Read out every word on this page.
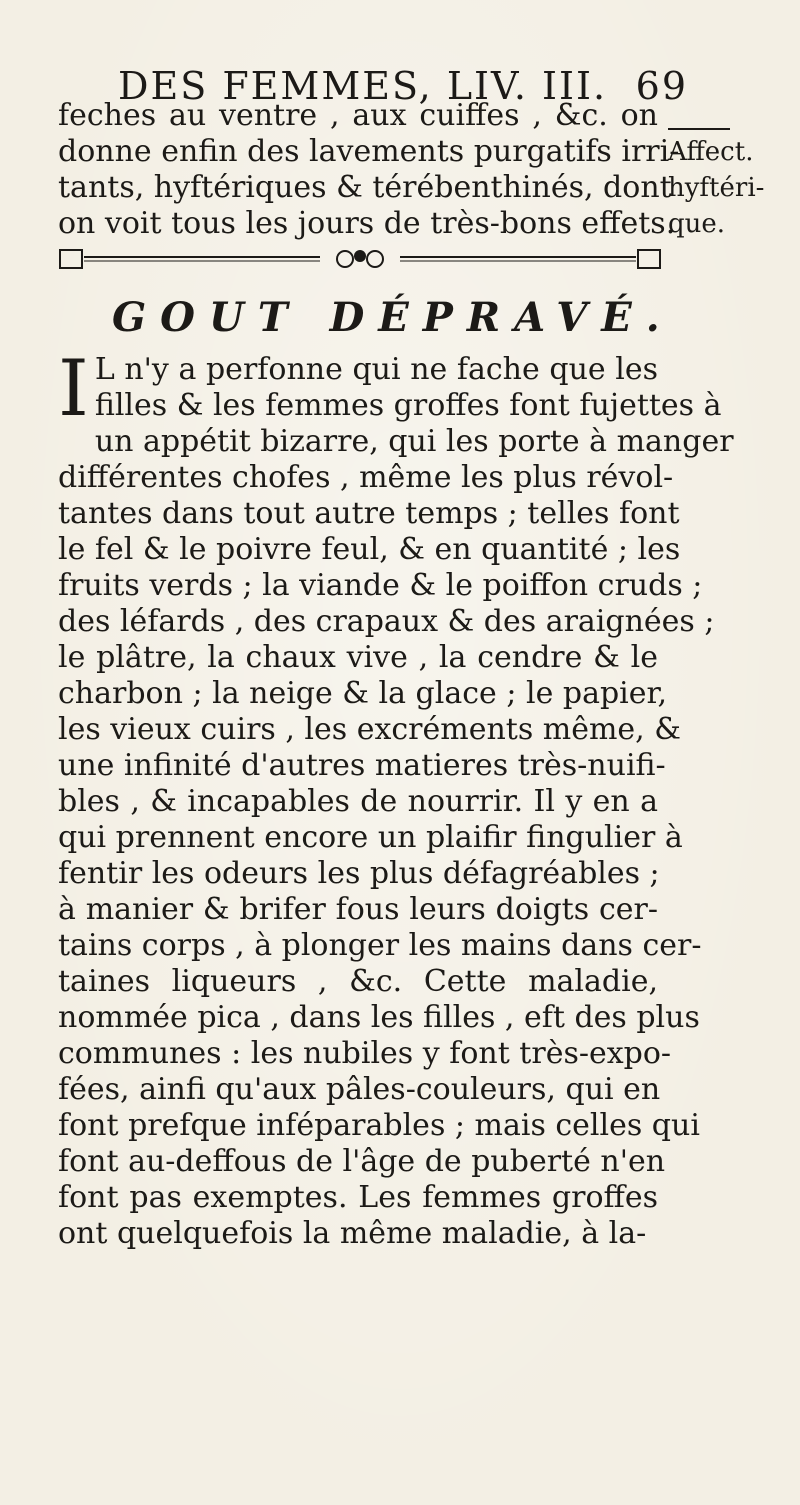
DES FEMMES, LIV. III. 69
feches au ventre , aux cuiffes , &c. on
donne enfin des lavements purgatifs irri-
tants, hyftériques & térébenthinés, dont
on voit tous les jours de très-bons effets.
Affect.
hyftéri-
que.
GOUT DÉPRAVÉ.
I L n'y a perfonne qui ne fache que les
filles & les femmes groffes font fujettes à
un appétit bizarre, qui les porte à manger
différentes chofes , même les plus révol-
tantes dans tout autre temps ; telles font
le fel & le poivre feul, & en quantité ; les
fruits verds ; la viande & le poiffon cruds ;
des léfards , des crapaux & des araignées ;
le plâtre, la chaux vive , la cendre & le
charbon ; la neige & la glace ; le papier,
les vieux cuirs , les excréments même, &
une infinité d'autres matieres très-nuifi-
bles , & incapables de nourrir. Il y en a
qui prennent encore un plaifir fingulier à
fentir les odeurs les plus défagréables ;
à manier & brifer fous leurs doigts cer-
tains corps , à plonger les mains dans cer-
taines liqueurs , &c. Cette maladie,
nommée pica , dans les filles , eft des plus
communes : les nubiles y font très-expo-
fées, ainfi qu'aux pâles-couleurs, qui en
font prefque inféparables ; mais celles qui
font au-deffous de l'âge de puberté n'en
font pas exemptes. Les femmes groffes
ont quelquefois la même maladie, à la-
